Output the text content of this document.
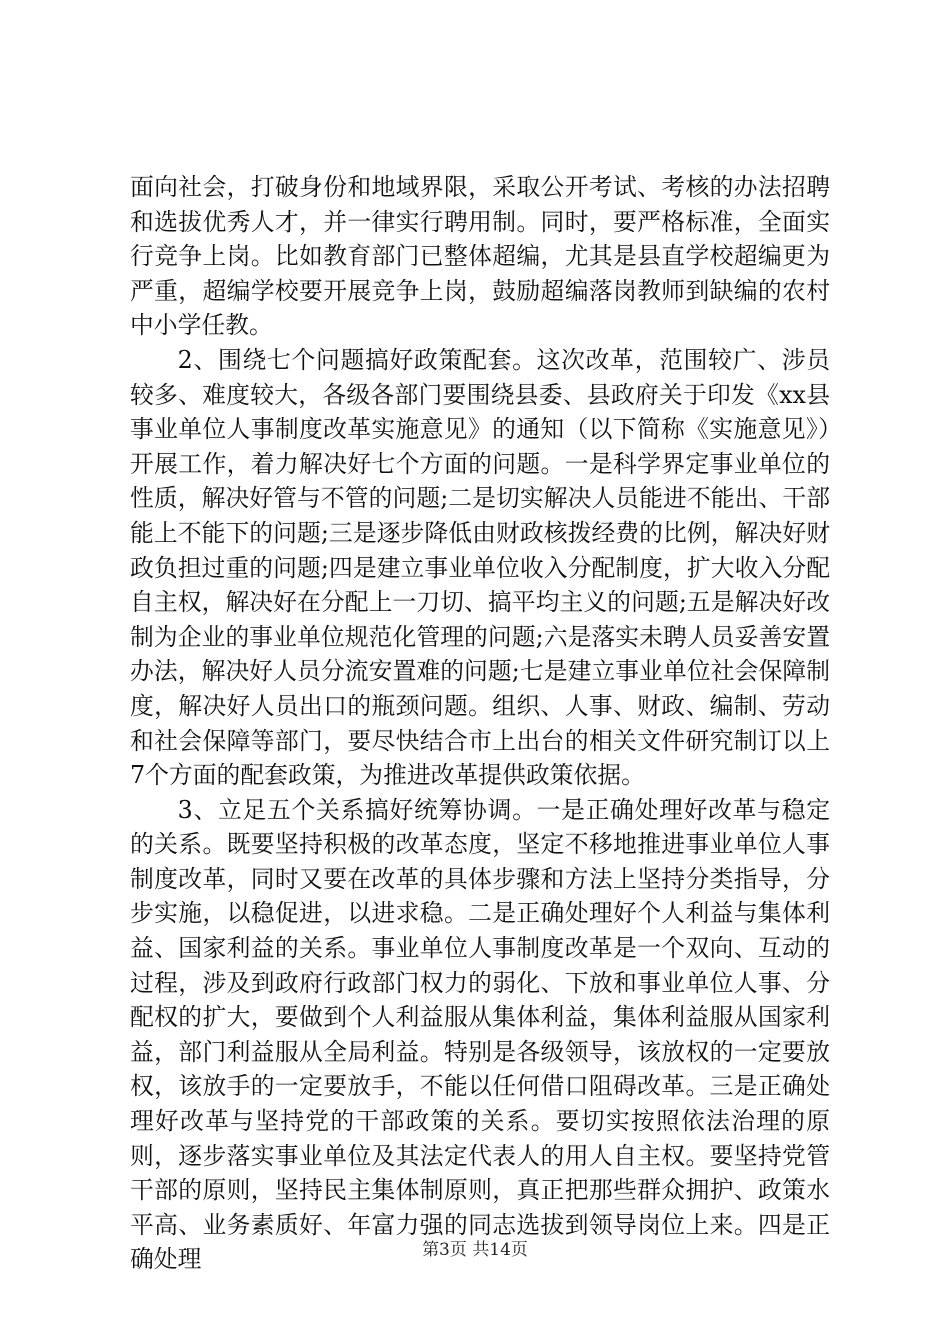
面向社会，打破身份和地域界限，采取公开考试、考核的办法招聘和选拔优秀人才，并一律实行聘用制。同时，要严格标准，全面实行竞争上岗。比如教育部门已整体超编，尤其是县直学校超编更为严重，超编学校要开展竞争上岗，鼓励超编落岗教师到缺编的农村中小学任教。

2、围绕七个问题搞好政策配套。这次改革，范围较广、涉员较多、难度较大，各级各部门要围绕县委、县政府关于印发《xx县事业单位人事制度改革实施意见》的通知（以下简称《实施意见》）开展工作，着力解决好七个方面的问题。一是科学界定事业单位的性质，解决好管与不管的问题;二是切实解决人员能进不能出、干部能上不能下的问题;三是逐步降低由财政核拨经费的比例，解决好财政负担过重的问题;四是建立事业单位收入分配制度，扩大收入分配自主权，解决好在分配上一刀切、搞平均主义的问题;五是解决好改制为企业的事业单位规范化管理的问题;六是落实未聘人员妥善安置办法，解决好人员分流安置难的问题;七是建立事业单位社会保障制度，解决好人员出口的瓶颈问题。组织、人事、财政、编制、劳动和社会保障等部门，要尽快结合市上出台的相关文件研究制订以上7个方面的配套政策，为推进改革提供政策依据。

3、立足五个关系搞好统筹协调。一是正确处理好改革与稳定的关系。既要坚持积极的改革态度，坚定不移地推进事业单位人事制度改革，同时又要在改革的具体步骤和方法上坚持分类指导，分步实施，以稳促进，以进求稳。二是正确处理好个人利益与集体利益、国家利益的关系。事业单位人事制度改革是一个双向、互动的过程，涉及到政府行政部门权力的弱化、下放和事业单位人事、分配权的扩大，要做到个人利益服从集体利益，集体利益服从国家利益，部门利益服从全局利益。特别是各级领导，该放权的一定要放权，该放手的一定要放手，不能以任何借口阻碍改革。三是正确处理好改革与坚持党的干部政策的关系。要切实按照依法治理的原则，逐步落实事业单位及其法定代表人的用人自主权。要坚持党管干部的原则，坚持民主集体制原则，真正把那些群众拥护、政策水平高、业务素质好、年富力强的同志选拔到领导岗位上来。四是正确处理	第3页 共14页
